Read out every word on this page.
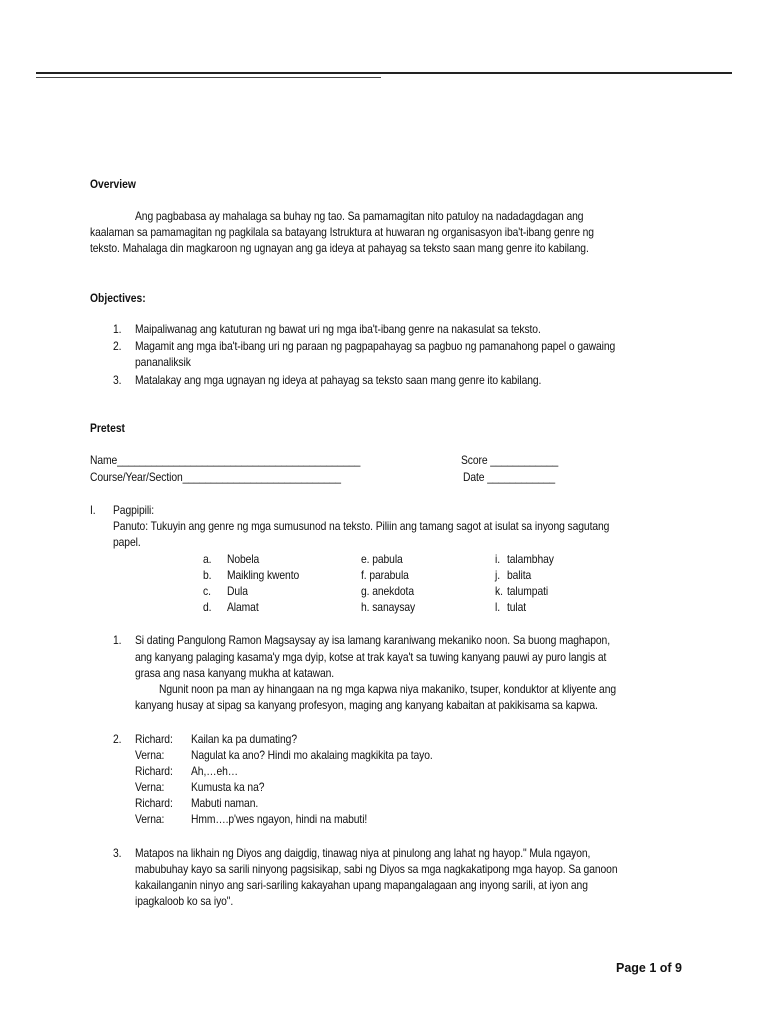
Overview
Ang pagbabasa ay mahalaga sa buhay ng tao. Sa pamamagitan nito patuloy na nadadagdagan ang
kaalaman sa pamamagitan ng pagkilala sa batayang Istruktura at huwaran ng organisasyon iba't-ibang genre ng
teksto. Mahalaga din magkaroon ng ugnayan ang ga ideya at pahayag sa teksto saan mang genre ito kabilang.
Objectives:
1. Maipaliwanag ang katuturan ng bawat uri ng mga iba't-ibang genre na nakasulat sa teksto.
2. Magamit ang mga iba't-ibang uri ng paraan ng pagpapahayag sa pagbuo ng pamanahong papel o gawaing
pananaliksik
3. Matalakay ang mga ugnayan ng ideya at pahayag sa teksto saan mang genre ito kabilang.
Pretest
Name___________________________________________	Score ____________
Course/Year/Section____________________________	Date ____________
I. Pagpipili:
Panuto: Tukuyin ang genre ng mga sumusunod na teksto. Piliin ang tamang sagot at isulat sa inyong sagutang
papel.
a. Nobela	e. pabula	i. talambhay
b. Maikling kwento	f. parabula	j. balita
c. Dula	g. anekdota	k. talumpati
d. Alamat	h. sanaysay	l. tulat
1. Si dating Pangulong Ramon Magsaysay ay isa lamang karaniwang mekaniko noon. Sa buong maghapon,
ang kanyang palaging kasama'y mga dyip, kotse at trak kaya't sa tuwing kanyang pauwi ay puro langis at
grasa ang nasa kanyang mukha at katawan.
Ngunit noon pa man ay hinangaan na ng mga kapwa niya makaniko, tsuper, konduktor at kliyente ang
kanyang husay at sipag sa kanyang profesyon, maging ang kanyang kabaitan at pakikisama sa kapwa.
2. Richard: Kailan ka pa dumating?
Verna: Nagulat ka ano? Hindi mo akalaing magkikita pa tayo.
Richard: Ah,…eh…
Verna: Kumusta ka na?
Richard: Mabuti naman.
Verna: Hmm….p'wes ngayon, hindi na mabuti!
3. Matapos na likhain ng Diyos ang daigdig, tinawag niya at pinulong ang lahat ng hayop." Mula ngayon,
mabubuhay kayo sa sarili ninyong pagsisikap, sabi ng Diyos sa mga nagkakatipong mga hayop. Sa ganoon
kakailanganin ninyo ang sari-sariling kakayahan upang mapangalagaan ang inyong sarili, at iyon ang
ipagkaloob ko sa iyo".
Page 1 of 9
